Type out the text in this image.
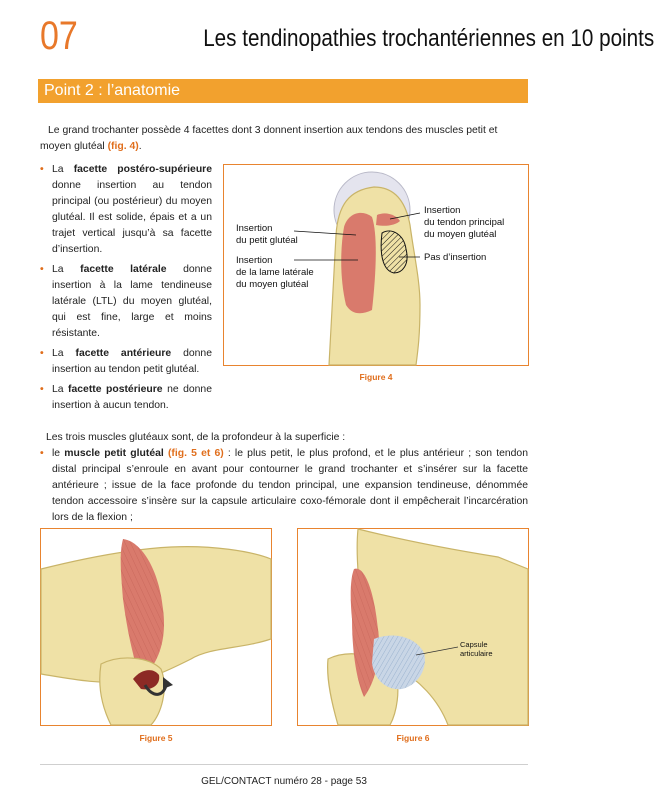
07	Les tendinopathies trochantériennes en 10 points
Point 2 : l’anatomie
Le grand trochanter possède 4 facettes dont 3 donnent insertion aux tendons des muscles petit et moyen glutéal (fig. 4).
• La facette postéro-supérieure donne insertion au tendon principal (ou postérieur) du moyen glutéal. Il est solide, épais et a un trajet vertical jusqu’à sa facette d’insertion.
• La facette latérale donne insertion à la lame tendineuse latérale (LTL) du moyen glutéal, qui est fine, large et moins résistante.
• La facette antérieure donne insertion au tendon petit glutéal.
• La facette postérieure ne donne insertion à aucun tendon.
Insertion
du petit glutéal
Insertion
de la lame latérale
du moyen glutéal
Insertion
du tendon principal
du moyen glutéal
Pas d’insertion
Figure 4
Les trois muscles glutéaux sont, de la profondeur à la superficie :
• le muscle petit glutéal (fig. 5 et 6) : le plus petit, le plus profond, et le plus antérieur ; son tendon distal principal s’enroule en avant pour contourner le grand trochanter et s’insérer sur la facette antérieure ; issue de la face profonde du tendon principal, une expansion tendineuse, dénommée tendon accessoire s’insère sur la capsule articulaire coxo-fémorale dont il empêcherait l’incarcération lors de la flexion ;
Figure 5
Capsule
articulaire
Figure 6
GEL/CONTACT numéro 28 - page 53
